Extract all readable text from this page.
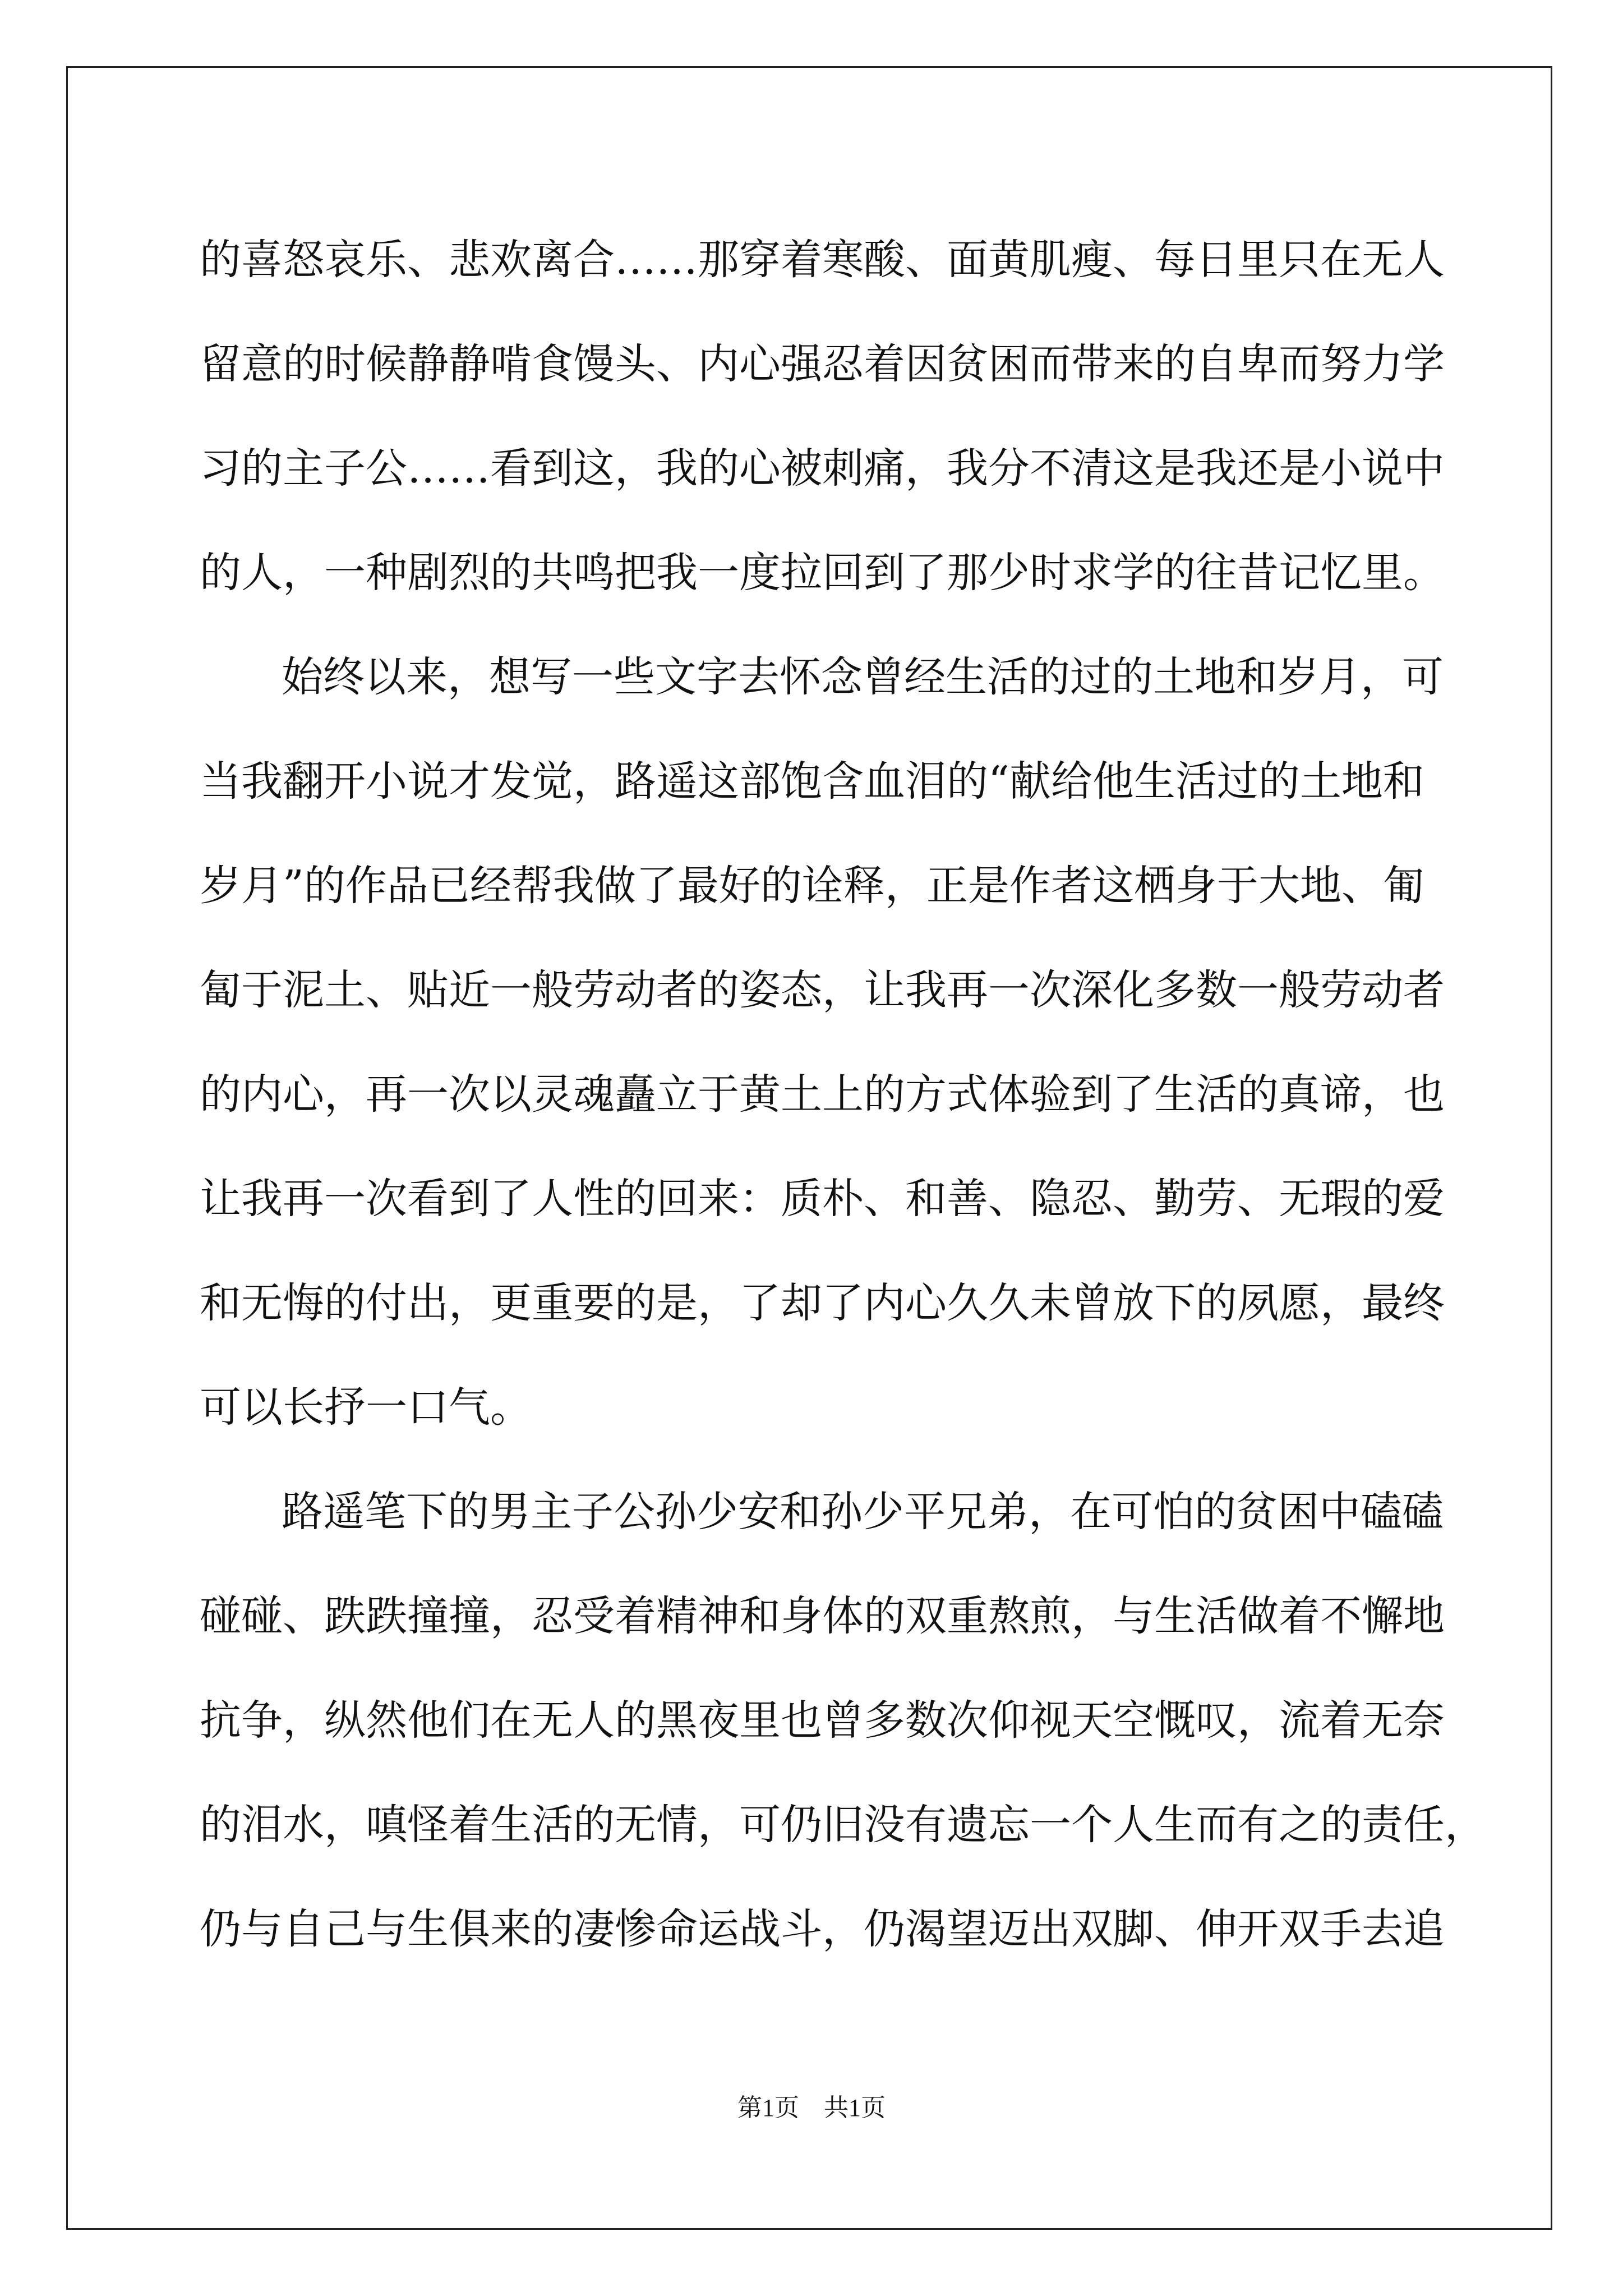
的喜怒哀乐、悲欢离合……那穿着寒酸、面黄肌瘦、每日里只在无人
留意的时候静静啃食馒头、内心强忍着因贫困而带来的自卑而努力学
习的主子公……看到这，我的心被刺痛，我分不清这是我还是小说中
的人，一种剧烈的共鸣把我一度拉回到了那少时求学的往昔记忆里。
始终以来，想写一些文字去怀念曾经生活的过的土地和岁月，可
当我翻开小说才发觉，路遥这部饱含血泪的“献给他生活过的土地和
岁月”的作品已经帮我做了最好的诠释，正是作者这栖身于大地、匍
匐于泥土、贴近一般劳动者的姿态，让我再一次深化多数一般劳动者
的内心，再一次以灵魂矗立于黄土上的方式体验到了生活的真谛，也
让我再一次看到了人性的回来：质朴、和善、隐忍、勤劳、无瑕的爱
和无悔的付出，更重要的是，了却了内心久久未曾放下的夙愿，最终
可以长抒一口气。
路遥笔下的男主子公孙少安和孙少平兄弟，在可怕的贫困中磕磕
碰碰、跌跌撞撞，忍受着精神和身体的双重熬煎，与生活做着不懈地
抗争，纵然他们在无人的黑夜里也曾多数次仰视天空慨叹，流着无奈
的泪水，嗔怪着生活的无情，可仍旧没有遗忘一个人生而有之的责任，
仍与自己与生俱来的凄惨命运战斗，仍渴望迈出双脚、伸开双手去追
第1页　共1页
